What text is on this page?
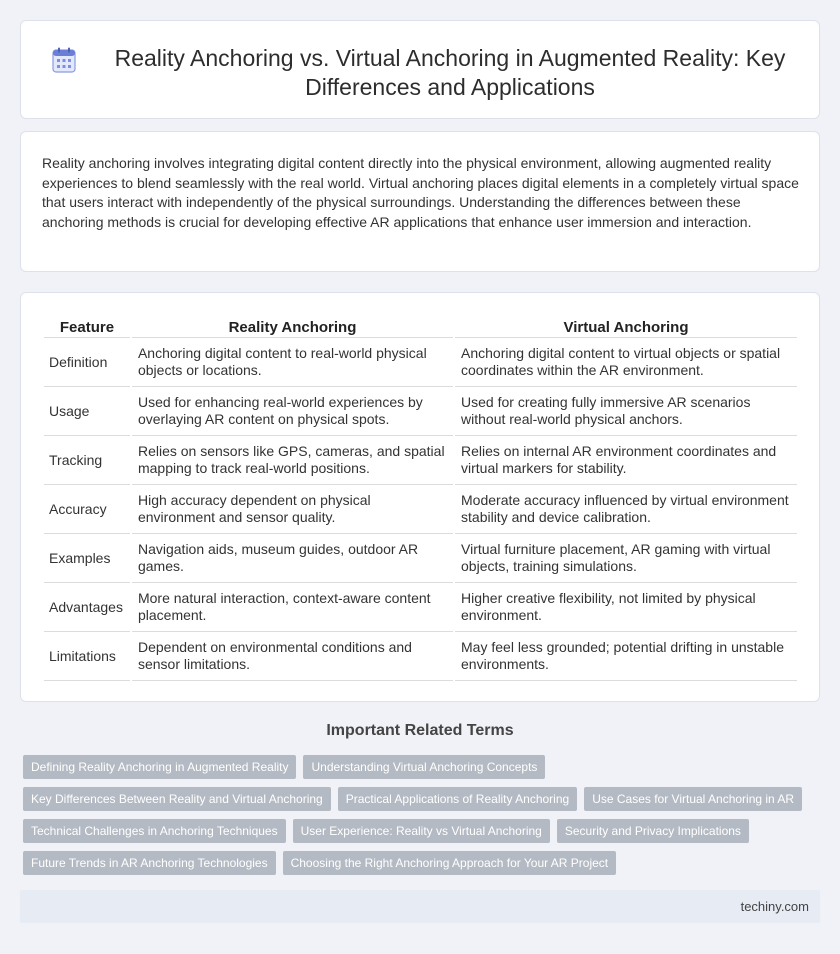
Reality Anchoring vs. Virtual Anchoring in Augmented Reality: Key Differences and Applications

Reality anchoring involves integrating digital content directly into the physical environment, allowing augmented reality experiences to blend seamlessly with the real world. Virtual anchoring places digital elements in a completely virtual space that users interact with independently of the physical surroundings. Understanding the differences between these anchoring methods is crucial for developing effective AR applications that enhance user immersion and interaction.

Feature	Reality Anchoring	Virtual Anchoring
Definition	Anchoring digital content to real-world physical objects or locations.	Anchoring digital content to virtual objects or spatial coordinates within the AR environment.
Usage	Used for enhancing real-world experiences by overlaying AR content on physical spots.	Used for creating fully immersive AR scenarios without real-world physical anchors.
Tracking	Relies on sensors like GPS, cameras, and spatial mapping to track real-world positions.	Relies on internal AR environment coordinates and virtual markers for stability.
Accuracy	High accuracy dependent on physical environment and sensor quality.	Moderate accuracy influenced by virtual environment stability and device calibration.
Examples	Navigation aids, museum guides, outdoor AR games.	Virtual furniture placement, AR gaming with virtual objects, training simulations.
Advantages	More natural interaction, context-aware content placement.	Higher creative flexibility, not limited by physical environment.
Limitations	Dependent on environmental conditions and sensor limitations.	May feel less grounded; potential drifting in unstable environments.
Important Related Terms
Defining Reality Anchoring in Augmented Reality	Understanding Virtual Anchoring Concepts
Key Differences Between Reality and Virtual Anchoring	Practical Applications of Reality Anchoring	Use Cases for Virtual Anchoring in AR
Technical Challenges in Anchoring Techniques	User Experience: Reality vs Virtual Anchoring	Security and Privacy Implications
Future Trends in AR Anchoring Technologies	Choosing the Right Anchoring Approach for Your AR Project
techiny.com
